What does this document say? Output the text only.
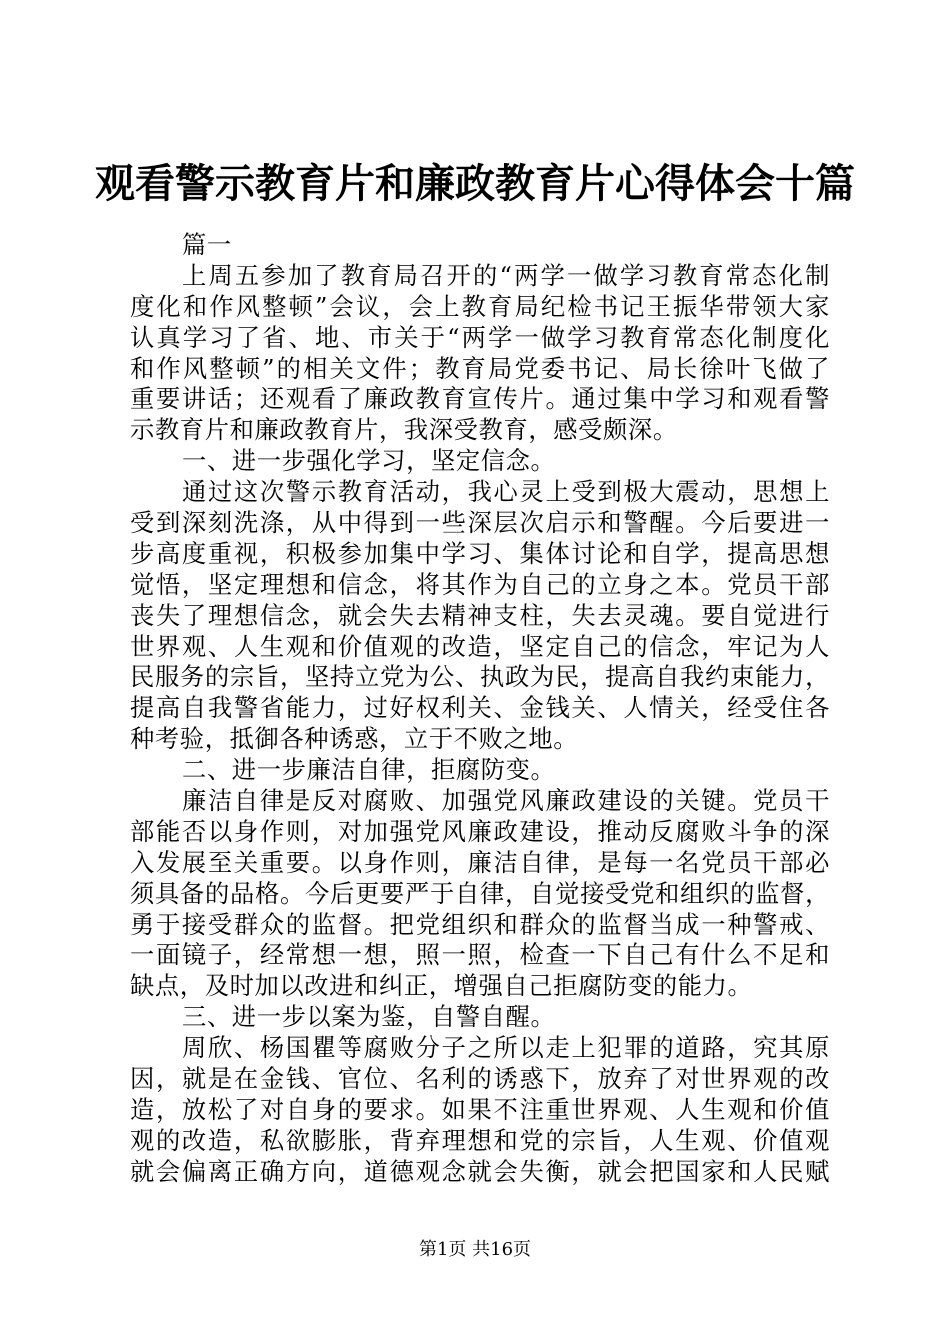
观看警示教育片和廉政教育片心得体会十篇
篇一
上周五参加了教育局召开的“两学一做学习教育常态化制
度化和作风整顿”会议，会上教育局纪检书记王振华带领大家
认真学习了省、地、市关于“两学一做学习教育常态化制度化
和作风整顿”的相关文件；教育局党委书记、局长徐叶飞做了
重要讲话；还观看了廉政教育宣传片。通过集中学习和观看警
示教育片和廉政教育片，我深受教育，感受颇深。
一、进一步强化学习，坚定信念。
通过这次警示教育活动，我心灵上受到极大震动，思想上
受到深刻洗涤，从中得到一些深层次启示和警醒。今后要进一
步高度重视，积极参加集中学习、集体讨论和自学，提高思想
觉悟，坚定理想和信念，将其作为自己的立身之本。党员干部
丧失了理想信念，就会失去精神支柱，失去灵魂。要自觉进行
世界观、人生观和价值观的改造，坚定自己的信念，牢记为人
民服务的宗旨，坚持立党为公、执政为民，提高自我约束能力，
提高自我警省能力，过好权利关、金钱关、人情关，经受住各
种考验，抵御各种诱惑，立于不败之地。
二、进一步廉洁自律，拒腐防变。
廉洁自律是反对腐败、加强党风廉政建设的关键。党员干
部能否以身作则，对加强党风廉政建设，推动反腐败斗争的深
入发展至关重要。以身作则，廉洁自律，是每一名党员干部必
须具备的品格。今后更要严于自律，自觉接受党和组织的监督，
勇于接受群众的监督。把党组织和群众的监督当成一种警戒、
一面镜子，经常想一想，照一照，检查一下自己有什么不足和
缺点，及时加以改进和纠正，增强自己拒腐防变的能力。
三、进一步以案为鉴，自警自醒。
周欣、杨国瞿等腐败分子之所以走上犯罪的道路，究其原
因，就是在金钱、官位、名利的诱惑下，放弃了对世界观的改
造，放松了对自身的要求。如果不注重世界观、人生观和价值
观的改造，私欲膨胀，背弃理想和党的宗旨，人生观、价值观
就会偏离正确方向，道德观念就会失衡，就会把国家和人民赋
第1页 共16页
